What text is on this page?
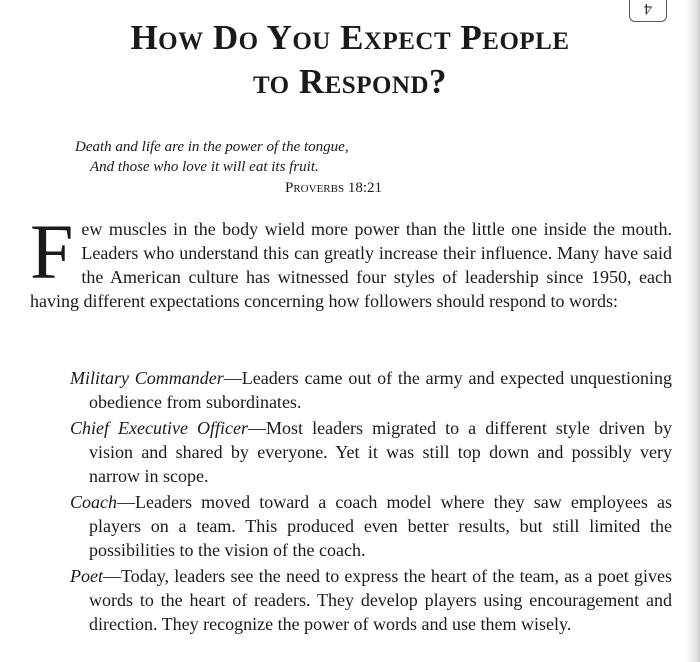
4
How Do You Expect People
to Respond?
Death and life are in the power of the tongue,
And those who love it will eat its fruit.
Proverbs 18:21

Few muscles in the body wield more power than the little one inside the mouth. Leaders who understand this can greatly increase their influence. Many have said the American culture has witnessed four styles of leadership since 1950, each having different expectations concerning how followers should respond to words:

Military Commander—Leaders came out of the army and expected unquestioning obedience from subordinates.
Chief Executive Officer—Most leaders migrated to a different style driven by vision and shared by everyone. Yet it was still top down and possibly very narrow in scope.
Coach—Leaders moved toward a coach model where they saw employees as players on a team. This produced even better results, but still limited the possibilities to the vision of the coach.
Poet—Today, leaders see the need to express the heart of the team, as a poet gives words to the heart of readers. They develop players using encouragement and direction. They recognize the power of words and use them wisely.
